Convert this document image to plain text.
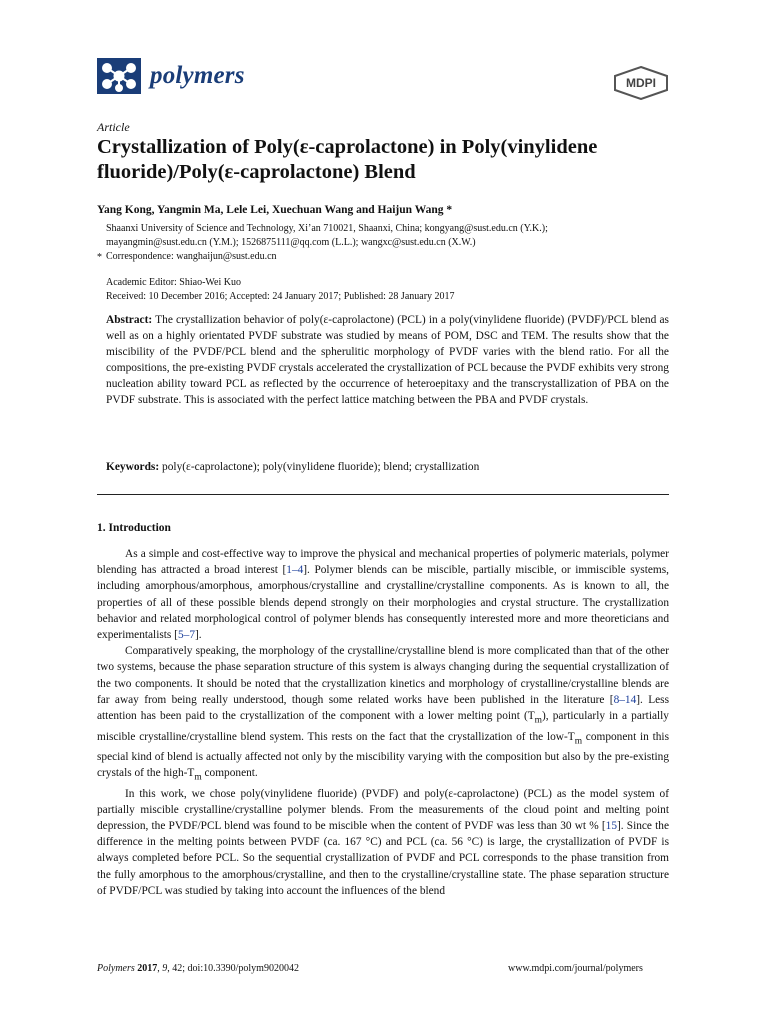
polymers	MDPI
Article
Crystallization of Poly(ε-caprolactone) in Poly(vinylidene fluoride)/Poly(ε-caprolactone) Blend
Yang Kong, Yangmin Ma, Lele Lei, Xuechuan Wang and Haijun Wang *
Shaanxi University of Science and Technology, Xi’an 710021, Shaanxi, China; kongyang@sust.edu.cn (Y.K.);
mayangmin@sust.edu.cn (Y.M.); 1526875111@qq.com (L.L.); wangxc@sust.edu.cn (X.W.)
* Correspondence: wanghaijun@sust.edu.cn
Academic Editor: Shiao-Wei Kuo
Received: 10 December 2016; Accepted: 24 January 2017; Published: 28 January 2017
Abstract: The crystallization behavior of poly(ε-caprolactone) (PCL) in a poly(vinylidene fluoride) (PVDF)/PCL blend as well as on a highly orientated PVDF substrate was studied by means of POM, DSC and TEM. The results show that the miscibility of the PVDF/PCL blend and the spherulitic morphology of PVDF varies with the blend ratio. For all the compositions, the pre-existing PVDF crystals accelerated the crystallization of PCL because the PVDF exhibits very strong nucleation ability toward PCL as reflected by the occurrence of heteroepitaxy and the transcrystallization of PBA on the PVDF substrate. This is associated with the perfect lattice matching between the PBA and PVDF crystals.
Keywords: poly(ε-caprolactone); poly(vinylidene fluoride); blend; crystallization
1. Introduction

As a simple and cost-effective way to improve the physical and mechanical properties of polymeric materials, polymer blending has attracted a broad interest [1–4]. Polymer blends can be miscible, partially miscible, or immiscible systems, including amorphous/amorphous, amorphous/crystalline and crystalline/crystalline components. As is known to all, the properties of all of these possible blends depend strongly on their morphologies and crystal structure. The crystallization behavior and related morphological control of polymer blends has consequently interested more and more theoreticians and experimentalists [5–7].

Comparatively speaking, the morphology of the crystalline/crystalline blend is more complicated than that of the other two systems, because the phase separation structure of this system is always changing during the sequential crystallization of the two components. It should be noted that the crystallization kinetics and morphology of crystalline/crystalline blends are far away from being really understood, though some related works have been published in the literature [8–14]. Less attention has been paid to the crystallization of the component with a lower melting point $(T_m)$, particularly in a partially miscible crystalline/crystalline blend system. This rests on the fact that the crystallization of the low-$T_m$ component in this special kind of blend is actually affected not only by the miscibility varying with the composition but also by the pre-existing crystals of the high-$T_m$ component.

In this work, we chose poly(vinylidene fluoride) (PVDF) and poly(ε-caprolactone) (PCL) as the model system of partially miscible crystalline/crystalline polymer blends. From the measurements of the cloud point and melting point depression, the PVDF/PCL blend was found to be miscible when the content of PVDF was less than 30 wt % [15]. Since the difference in the melting points between PVDF (ca. 167 °C) and PCL (ca. 56 °C) is large, the crystallization of PVDF is always completed before PCL. So the sequential crystallization of PVDF and PCL corresponds to the phase transition from the fully amorphous to the amorphous/crystalline, and then to the crystalline/crystalline state. The phase separation structure of PVDF/PCL was studied by taking into account the influences of the blend

Polymers 2017, 9, 42; doi:10.3390/polym9020042	www.mdpi.com/journal/polymers
